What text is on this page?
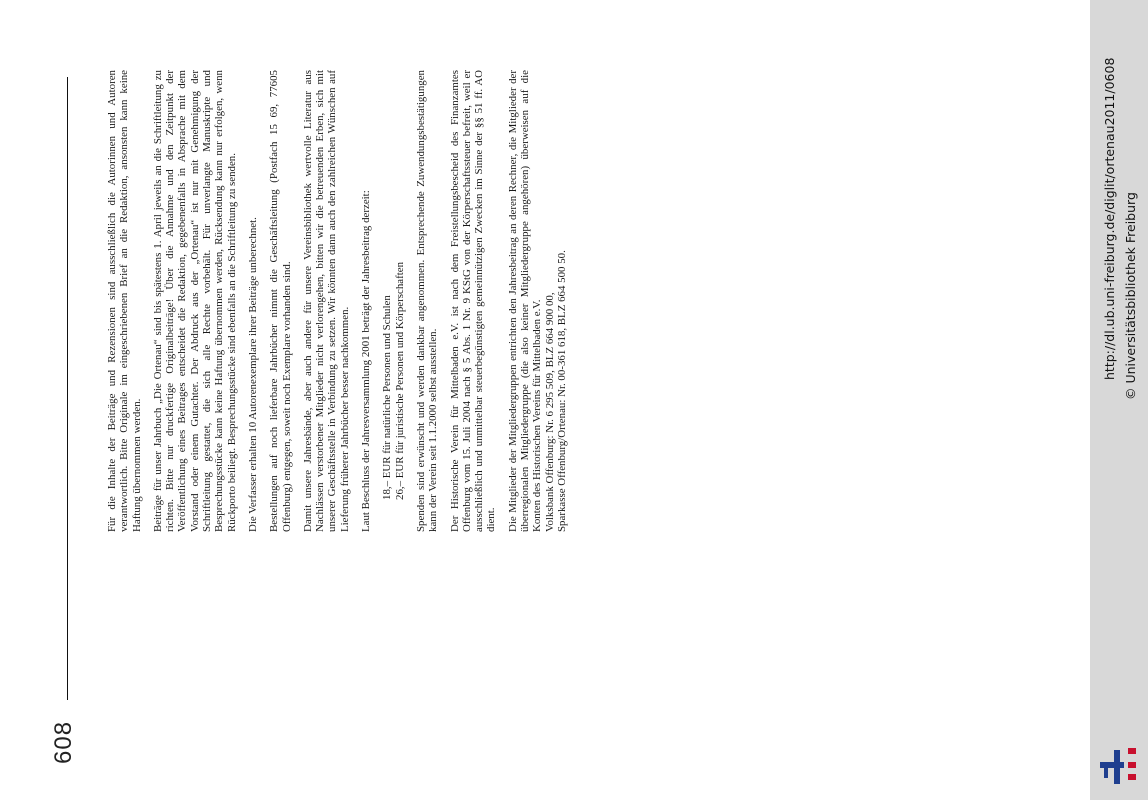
608

Für die Inhalte der Beiträge und Rezensionen sind ausschließlich die Autorinnen und Autoren verantwortlich. Bitte Originale im eingeschriebenen Brief an die Redaktion, ansonsten kann keine Haftung übernommen werden. Beiträge für unser Jahrbuch „Die Ortenau“ sind bis spätestens 1. April jeweils an die Schriftleitung zu richten. Bitte nur druckfertige Originalbeiträge! Über die Annahme und den Zeitpunkt der Veröffentlichung eines Beitrages entscheidet die Redaktion, gegebenenfalls in Absprache mit dem Vorstand oder einem Gutachter. Der Abdruck aus der „Ortenau“ ist nur mit Genehmigung der Schriftleitung gestattet, die sich alle Rechte vorbehält. Für unverlangte Manuskripte und Besprechungsstücke kann keine Haftung übernommen werden, Rücksendung kann nur erfolgen, wenn Rückporto beiliegt. Besprechungsstücke sind ebenfalls an die Schriftleitung zu senden. Die Verfasser erhalten 10 Autorenexemplare ihrer Beiträge unberechnet. Bestellungen auf noch lieferbare Jahrbücher nimmt die Geschäftsleitung (Postfach 15 69, 77605 Offenburg) entgegen, soweit noch Exemplare vorhanden sind. Damit unsere Jahresbände, aber auch andere für unsere Vereinsbibliothek wertvolle Literatur aus Nachlässen verstorbener Mitglieder nicht verlorengehen, bitten wir die betreuenden Erben, sich mit unserer Geschäftsstelle in Verbindung zu setzen. Wir könnten dann auch den zahlreichen Wünschen auf Lieferung früherer Jahrbücher besser nachkommen. Laut Beschluss der Jahresversammlung 2001 beträgt der Jahresbeitrag derzeit: 18,– EUR für natürliche Personen und Schulen 26,– EUR für juristische Personen und Körperschaften Spenden sind erwünscht und werden dankbar angenommen. Entsprechende Zuwendungsbestätigungen kann der Verein seit 1.1.2000 selbst ausstellen. Der Historische Verein für Mittelbaden e.V. ist nach dem Freistellungsbescheid des Finanzamtes Offenburg vom 15. Juli 2004 nach § 5 Abs. 1 Nr. 9 KStG von der Körperschaftssteuer befreit, weil er ausschließlich und unmittelbar steuerbegünstigten gemeinnützigen Zwecken im Sinne der §§ 51 ff. AO dient. Die Mitglieder der Mitgliedergruppen entrichten den Jahresbeitrag an deren Rechner, die Mitglieder der überregionalen Mitgliedergruppe (die also keiner Mitgliedergruppe angehören) überweisen auf die Konten des Historischen Vereins für Mittelbaden e.V. Volksbank Offenburg: Nr. 6 295 509, BLZ 664 900 00, Sparkasse Offenburg/Ortenau: Nr. 00-361 618, BLZ 664 500 50.
http://dl.ub.uni-freiburg.de/diglit/ortenau2011/0608 © Universitätsbibliothek Freiburg
